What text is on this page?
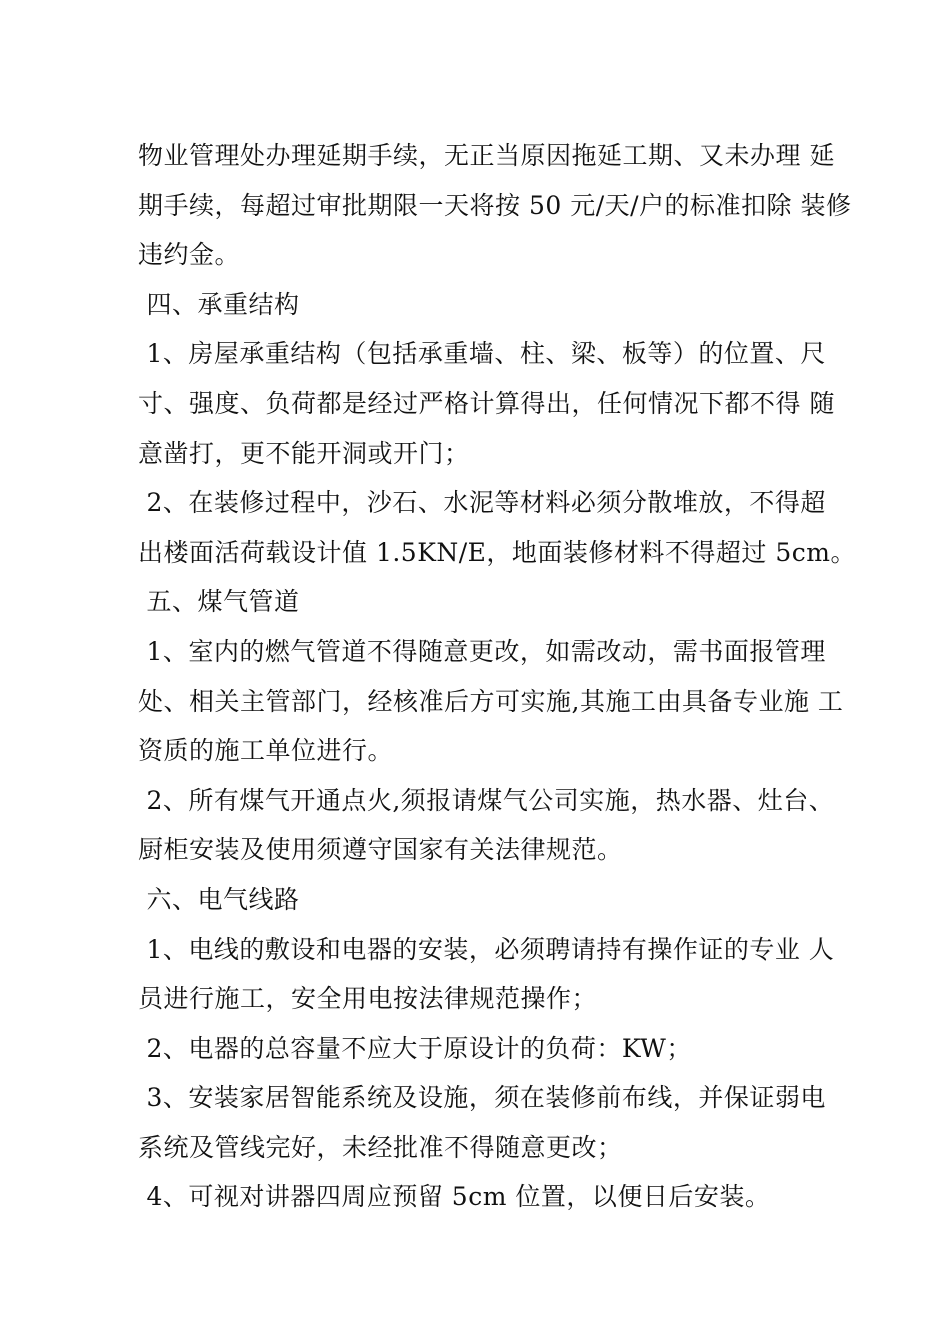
物业管理处办理延期手续，无正当原因拖延工期、又未办理 延
期手续，每超过审批期限一天将按 50 元/天/户的标准扣除 装修
违约金。

四、承重结构

1、房屋承重结构（包括承重墙、柱、梁、板等）的位置、尺
寸、强度、负荷都是经过严格计算得出，任何情况下都不得 随
意凿打，更不能开洞或开门；

2、在装修过程中，沙石、水泥等材料必须分散堆放，不得超
出楼面活荷载设计值 1.5KN/E，地面装修材料不得超过 5cm。

五、煤气管道

1、室内的燃气管道不得随意更改，如需改动，需书面报管理
处、相关主管部门，经核准后方可实施,其施工由具备专业施 工
资质的施工单位进行。

2、所有煤气开通点火,须报请煤气公司实施，热水器、灶台、
厨柜安装及使用须遵守国家有关法律规范。

六、电气线路

1、电线的敷设和电器的安装，必须聘请持有操作证的专业 人
员进行施工，安全用电按法律规范操作；

2、电器的总容量不应大于原设计的负荷：KW；

3、安装家居智能系统及设施，须在装修前布线，并保证弱电
系统及管线完好，未经批准不得随意更改；

4、可视对讲器四周应预留 5cm 位置，以便日后安装。
